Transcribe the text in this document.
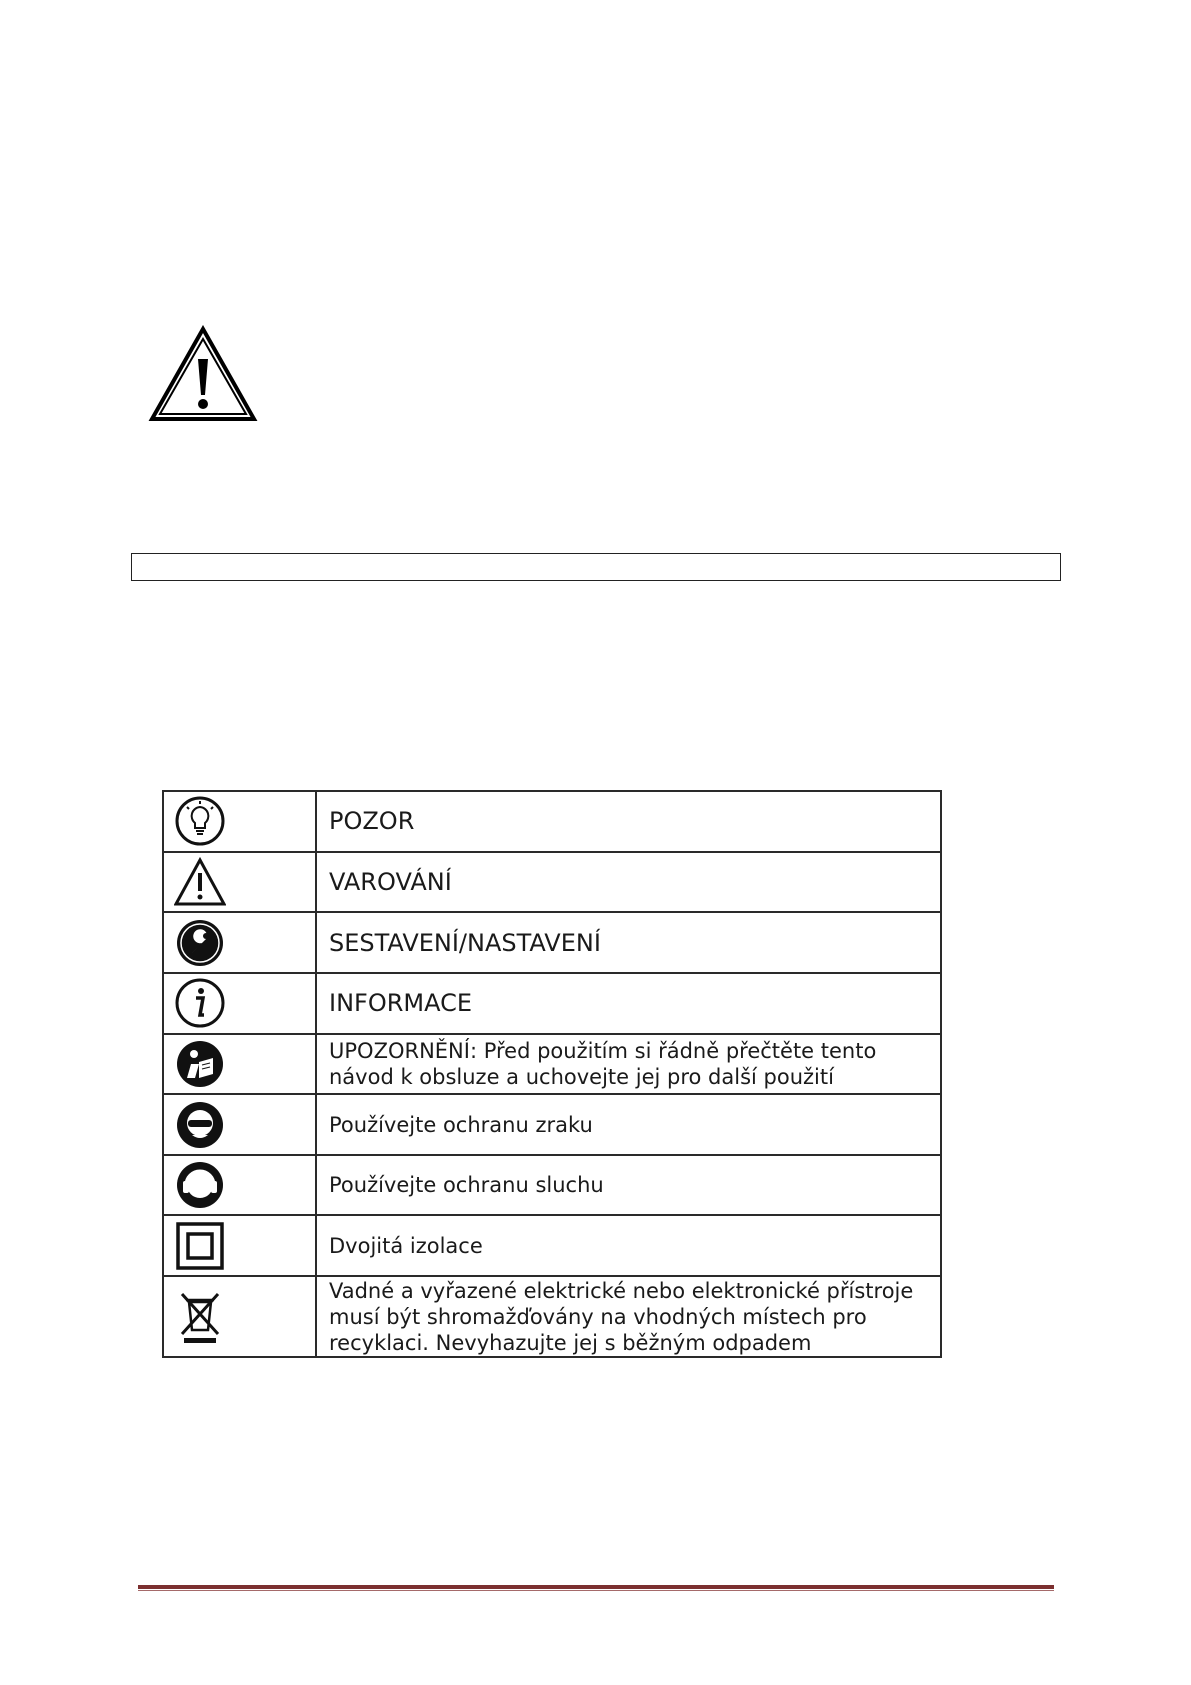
	POZOR

	VAROVÁNÍ

	SESTAVENÍ/NASTAVENÍ

	INFORMACE

	UPOZORNĚNÍ: Před použitím si řádně přečtěte tento návod k obsluze a uchovejte jej pro další použití

	Používejte ochranu zraku

	Používejte ochranu sluchu

	Dvojitá izolace

	Vadné a vyřazené elektrické nebo elektronické přístroje musí být shromažďovány na vhodných místech pro recyklaci. Nevyhazujte jej s běžným odpadem
